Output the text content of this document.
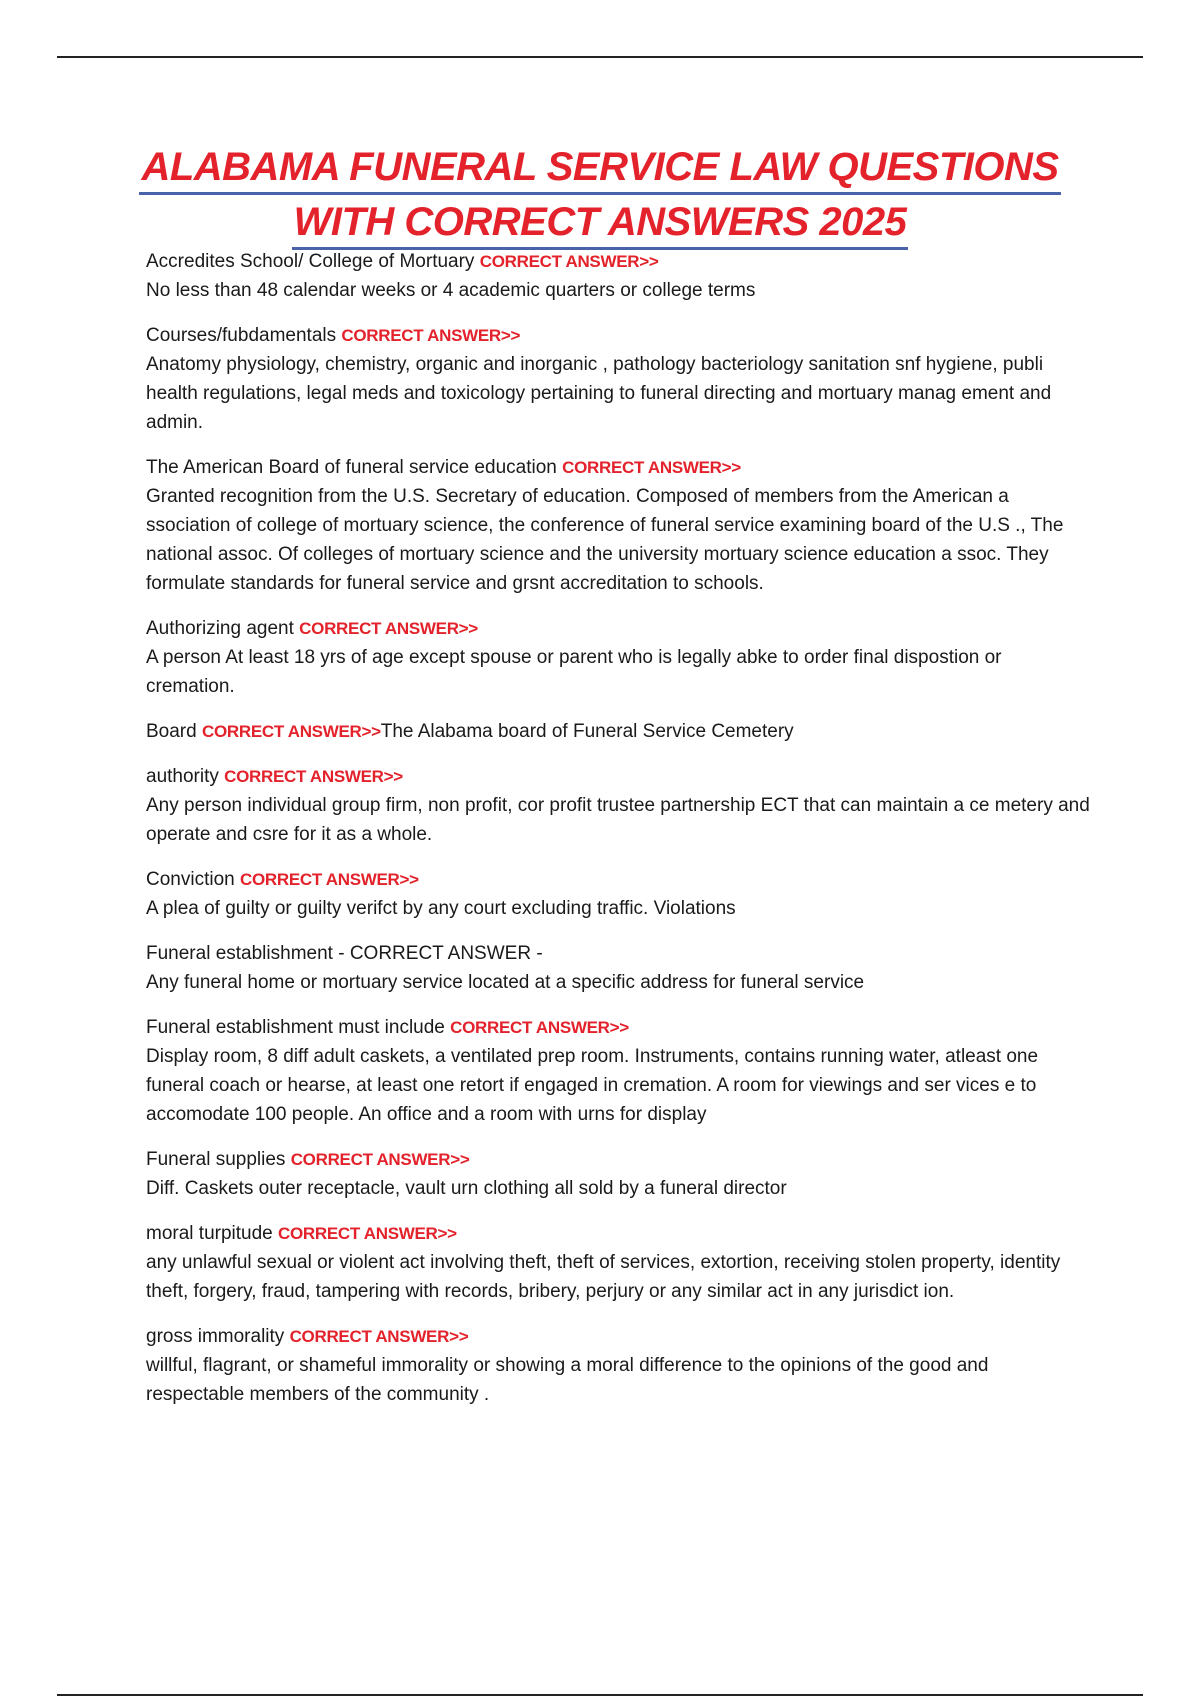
ALABAMA FUNERAL SERVICE LAW QUESTIONS
WITH CORRECT ANSWERS 2025
Accredites School/ College of Mortuary CORRECT ANSWER>>
No less than 48 calendar weeks or 4 academic quarters or college terms
Courses/fubdamentals CORRECT ANSWER>>
Anatomy physiology, chemistry, organic and inorganic , pathology bacteriology sanitation snf hygiene, publi health regulations, legal meds and toxicology pertaining to funeral directing and mortuary manag ement and admin.
The American Board of funeral service education CORRECT ANSWER>>
Granted recognition from the U.S. Secretary of education. Composed of members from the American a ssociation of college of mortuary science, the conference of funeral service examining board of the U.S ., The national assoc. Of colleges of mortuary science and the university mortuary science education a ssoc. They formulate standards for funeral service and grsnt accreditation to schools.
Authorizing agent CORRECT ANSWER>>
A person At least 18 yrs of age except spouse or parent who is legally abke to order final dispostion or cremation.
Board CORRECT ANSWER>>The Alabama board of Funeral Service Cemetery
authority CORRECT ANSWER>>
Any person individual group firm, non profit, cor profit trustee partnership ECT that can maintain a ce metery and operate and csre for it as a whole.
Conviction CORRECT ANSWER>>
A plea of guilty or guilty verifct by any court excluding traffic. Violations
Funeral establishment - CORRECT ANSWER -
Any funeral home or mortuary service located at a specific address for funeral service
Funeral establishment must include CORRECT ANSWER>>
Display room, 8 diff adult caskets, a ventilated prep room. Instruments, contains running water, atleast one funeral coach or hearse, at least one retort if engaged in cremation. A room for viewings and ser vices e to accomodate 100 people. An office and a room with urns for display
Funeral supplies CORRECT ANSWER>>
Diff. Caskets outer receptacle, vault urn clothing all sold by a funeral director
moral turpitude CORRECT ANSWER>>
any unlawful sexual or violent act involving theft, theft of services, extortion, receiving stolen property, identity theft, forgery, fraud, tampering with records, bribery, perjury or any similar act in any jurisdict ion.
gross immorality CORRECT ANSWER>>
willful, flagrant, or shameful immorality or showing a moral difference to the opinions of the good and respectable members of the community .
